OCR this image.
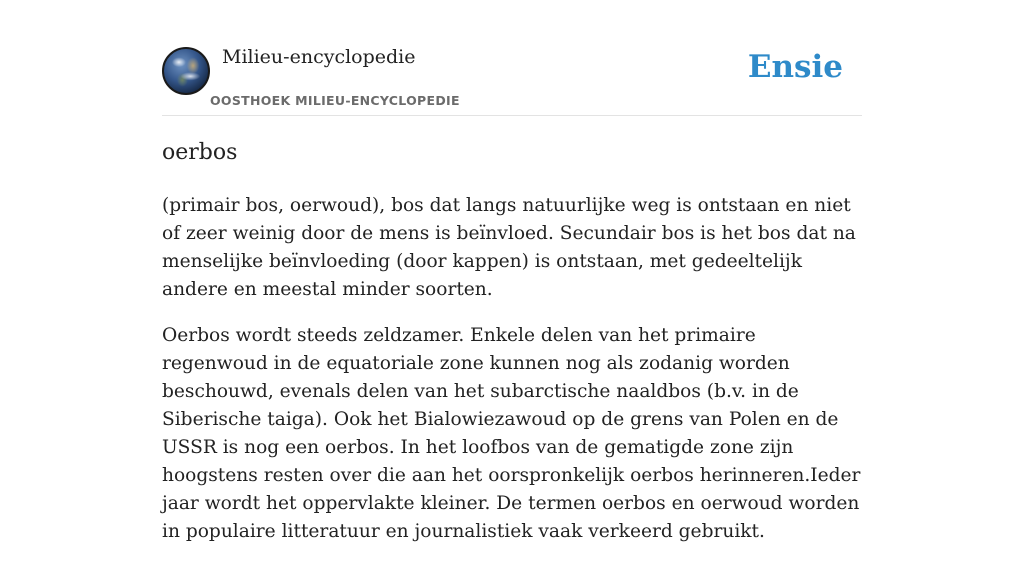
Milieu-encyclopedie
OOSTHOEK MILIEU-ENCYCLOPEDIE
Ensie
oerbos

(primair bos, oerwoud), bos dat langs natuurlijke weg is ontstaan en niet of zeer weinig door de mens is beïnvloed. Secundair bos is het bos dat na menselijke beïnvloeding (door kappen) is ontstaan, met gedeeltelijk andere en meestal minder soorten.

Oerbos wordt steeds zeldzamer. Enkele delen van het primaire regenwoud in de equatoriale zone kunnen nog als zodanig worden beschouwd, evenals delen van het subarctische naaldbos (b.v. in de Siberische taiga). Ook het Bialowiezawoud op de grens van Polen en de USSR is nog een oerbos. In het loofbos van de gematigde zone zijn hoogstens resten over die aan het oorspronkelijk oerbos herinneren.Ieder jaar wordt het oppervlakte kleiner. De termen oerbos en oerwoud worden in populaire litteratuur en journalistiek vaak verkeerd gebruikt.
